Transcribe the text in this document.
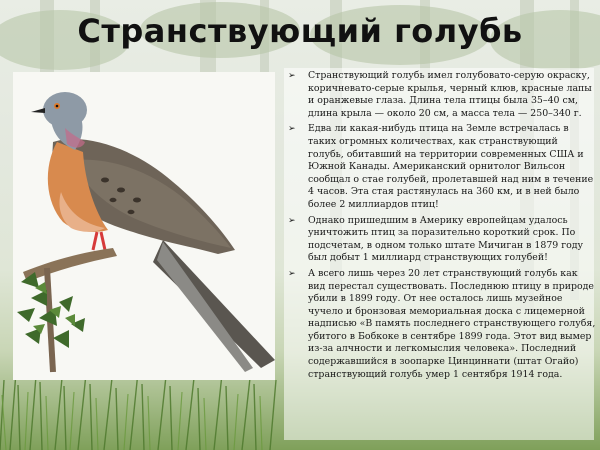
Странствующий голубь
➢ Странствующий голубь имел голубовато-серую окраску, коричневато-серые крылья, черный клюв, красные лапы и оранжевые глаза. Длина тела птицы была 35–40 см, длина крыла — около 20 см, а масса тела — 250–340 г.
➢ Едва ли какая-нибудь птица на Земле встречалась в таких огромных количествах, как странствующий голубь, обитавший на территории современных США и Южной Канады. Американский орнитолог Вильсон сообщал о стае голубей, пролетавшей над ним в течение 4 часов. Эта стая растянулась на 360 км, и в ней было более 2 миллиардов птиц!
➢ Однако пришедшим в Америку европейцам удалось уничтожить птиц за поразительно короткий срок. По подсчетам, в одном только штате Мичиган в 1879 году был добыт 1 миллиард странствующих голубей!
➢ А всего лишь через 20 лет странствующий голубь как вид перестал существовать. Последнюю птицу в природе убили в 1899 году. От нее осталось лишь музейное чучело и бронзовая мемориальная доска с лицемерной надписью «В память последнего странствующего голубя, убитого в Бобкоке в сентябре 1899 года. Этот вид вымер из-за алчности и легкомыслия человека». Последний содержавшийся в зоопарке Цинциннати (штат Огайо) странствующий голубь умер 1 сентября 1914 года.
